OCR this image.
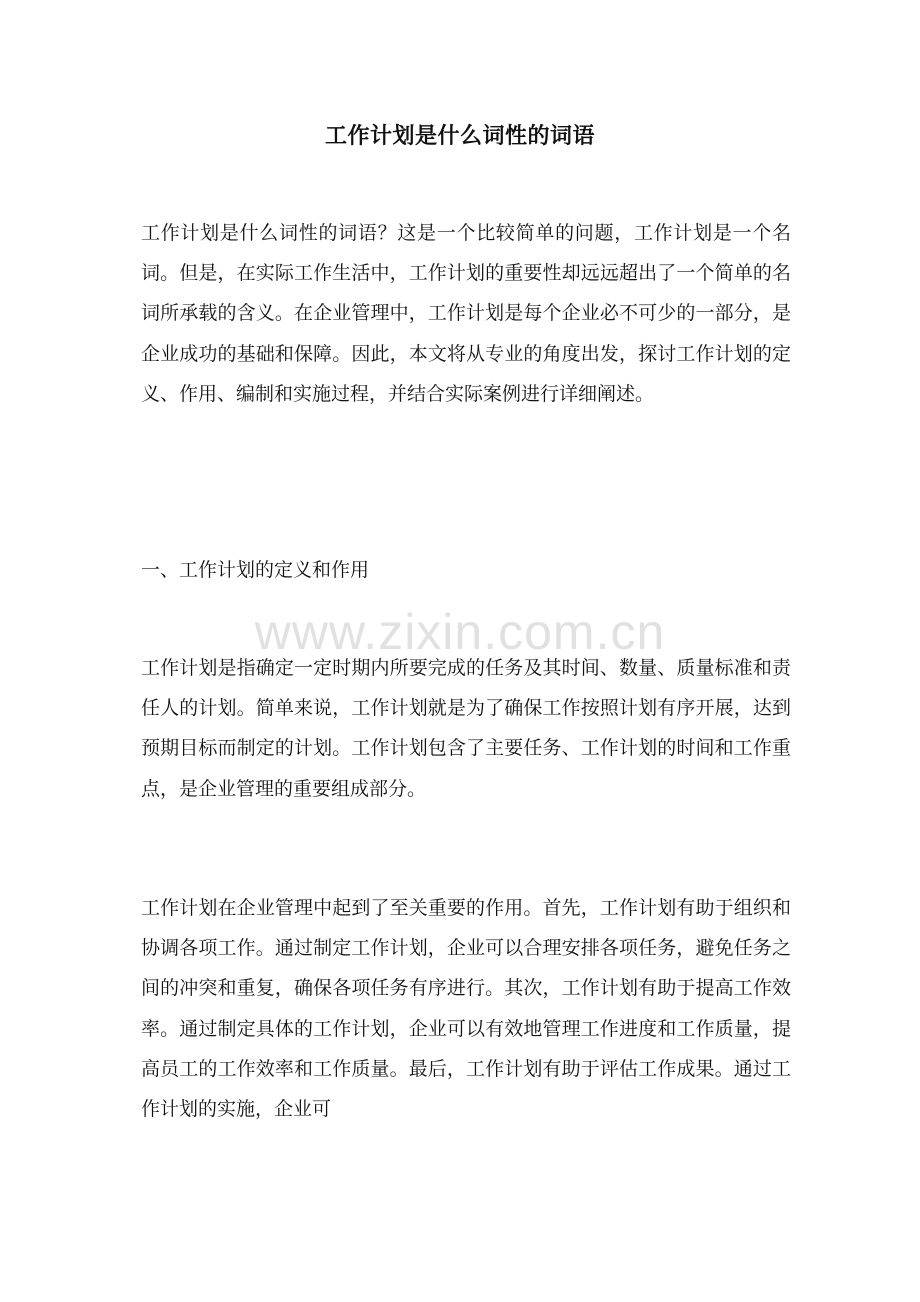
工作计划是什么词性的词语

工作计划是什么词性的词语？这是一个比较简单的问题，工作计划是一个名词。但是，在实际工作生活中，工作计划的重要性却远远超出了一个简单的名词所承载的含义。在企业管理中，工作计划是每个企业必不可少的一部分，是企业成功的基础和保障。因此，本文将从专业的角度出发，探讨工作计划的定义、作用、编制和实施过程，并结合实际案例进行详细阐述。

一、工作计划的定义和作用

www.zixin.com.cn

工作计划是指确定一定时期内所要完成的任务及其时间、数量、质量标准和责任人的计划。简单来说，工作计划就是为了确保工作按照计划有序开展，达到预期目标而制定的计划。工作计划包含了主要任务、工作计划的时间和工作重点，是企业管理的重要组成部分。

工作计划在企业管理中起到了至关重要的作用。首先，工作计划有助于组织和协调各项工作。通过制定工作计划，企业可以合理安排各项任务，避免任务之间的冲突和重复，确保各项任务有序进行。其次，工作计划有助于提高工作效率。通过制定具体的工作计划，企业可以有效地管理工作进度和工作质量，提高员工的工作效率和工作质量。最后，工作计划有助于评估工作成果。通过工作计划的实施，企业可
